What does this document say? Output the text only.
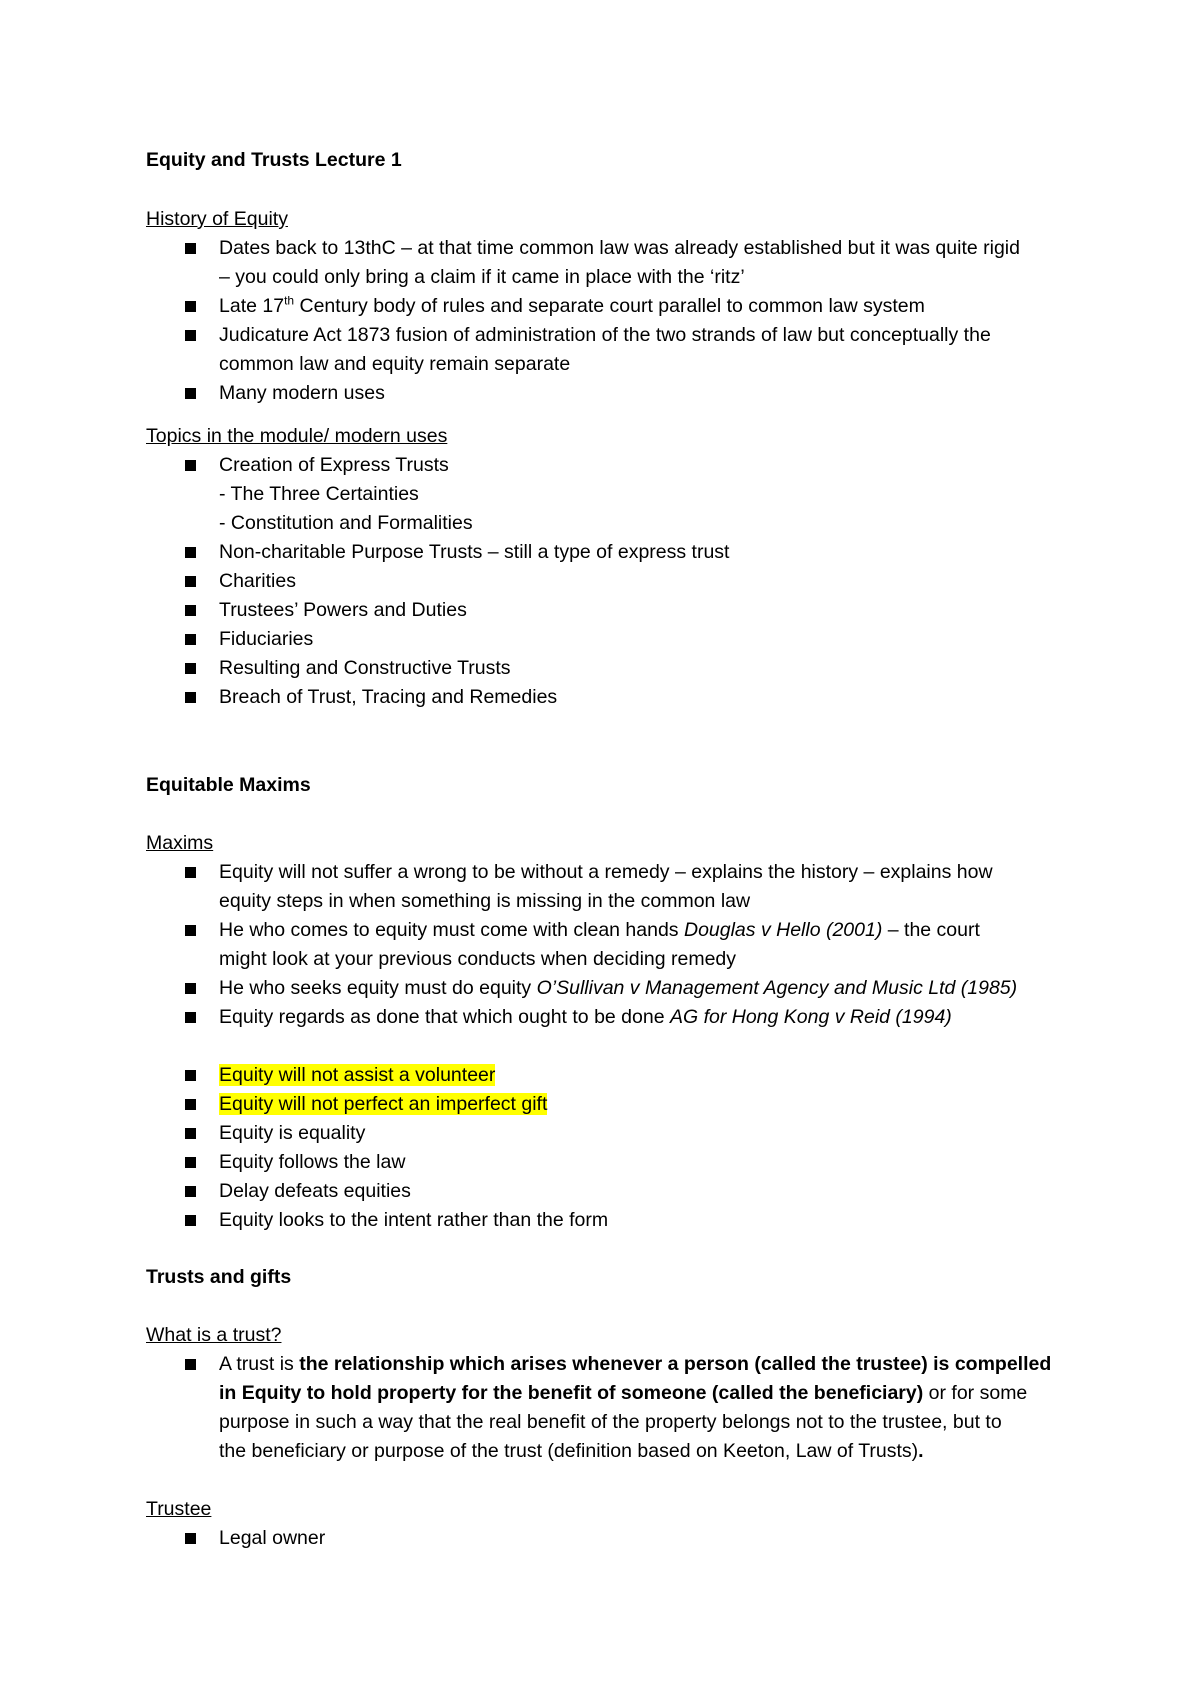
Equity and Trusts Lecture 1
History of Equity
Dates back to 13thC – at that time common law was already established but it was quite rigid
– you could only bring a claim if it came in place with the ‘ritz’
Late 17th Century body of rules and separate court parallel to common law system
Judicature Act 1873 fusion of administration of the two strands of law but conceptually the
common law and equity remain separate
Many modern uses
Topics in the module/ modern uses
Creation of Express Trusts
- The Three Certainties
- Constitution and Formalities
Non-charitable Purpose Trusts – still a type of express trust
Charities
Trustees’ Powers and Duties
Fiduciaries
Resulting and Constructive Trusts
Breach of Trust, Tracing and Remedies
Equitable Maxims
Maxims
Equity will not suffer a wrong to be without a remedy – explains the history – explains how
equity steps in when something is missing in the common law
He who comes to equity must come with clean hands Douglas v Hello (2001) – the court
might look at your previous conducts when deciding remedy
He who seeks equity must do equity O’Sullivan v Management Agency and Music Ltd (1985)
Equity regards as done that which ought to be done AG for Hong Kong v Reid (1994)
Equity will not assist a volunteer
Equity will not perfect an imperfect gift
Equity is equality
Equity follows the law
Delay defeats equities
Equity looks to the intent rather than the form
Trusts and gifts
What is a trust?
A trust is the relationship which arises whenever a person (called the trustee) is compelled
in Equity to hold property for the benefit of someone (called the beneficiary) or for some
purpose in such a way that the real benefit of the property belongs not to the trustee, but to
the beneficiary or purpose of the trust (definition based on Keeton, Law of Trusts).
Trustee
Legal owner
